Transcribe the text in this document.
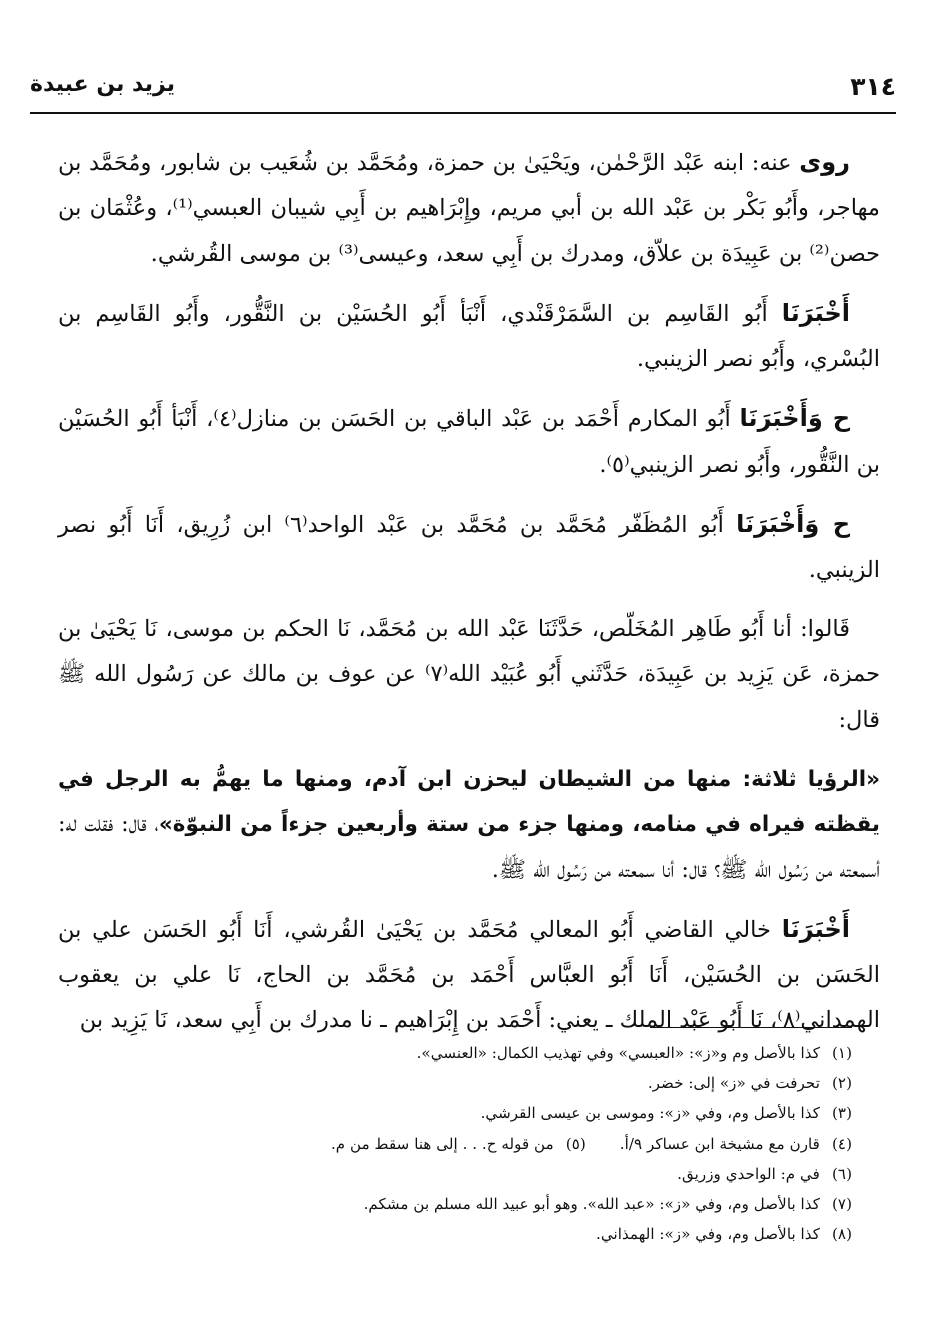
٣١٤
يزيد بن عبيدة

روى عنه: ابنه عَبْد الرَّحْمٰن، ويَحْيَىٰ بن حمزة، ومُحَمَّد بن شُعَيب بن شابور، ومُحَمَّد بن مهاجر، وأَبُو بَكْر بن عَبْد الله بن أبي مريم، وإِبْرَاهيم بن أَبِي شيبان العبسي⁽¹⁾، وعُثْمَان بن حصن⁽²⁾ بن عَبِيدَة بن علاّق، ومدرك بن أَبِي سعد، وعيسى⁽³⁾ بن موسى القُرشي.

أَخْبَرَنَا أَبُو القَاسِم بن السَّمَرْقَنْدي، أَنْبَأ أَبُو الحُسَيْن بن النَّقُّور، وأَبُو القَاسِم بن البُسْري، وأَبُو نصر الزينبي.

ح وَأَخْبَرَنَا أَبُو المكارم أَحْمَد بن عَبْد الباقي بن الحَسَن بن منازل⁽٤⁾، أَنْبَأ أَبُو الحُسَيْن بن النَّقُّور، وأَبُو نصر الزينبي⁽٥⁾.

ح وَأَخْبَرَنَا أَبُو المُظَفّر مُحَمَّد بن مُحَمَّد بن عَبْد الواحد⁽٦⁾ ابن زُرِيق، أَنَا أَبُو نصر الزينبي.

قَالوا: أنا أَبُو طَاهِر المُخَلّص، حَدَّثَنَا عَبْد الله بن مُحَمَّد، نَا الحكم بن موسى، نَا يَحْيَىٰ بن حمزة، عَن يَزِيد بن عَبِيدَة، حَدَّثَني أَبُو عُبَيْد الله⁽٧⁾ عن عوف بن مالك عن رَسُول الله ﷺ قال:

«الرؤيا ثلاثة: منها من الشيطان ليحزن ابن آدم، ومنها ما يهمُّ به الرجل في يقظته فيراه في منامه، ومنها جزء من ستة وأربعين جزءاً من النبوّة»، قال: فقلت له: أسمعته من رَسُول الله ﷺ؟ قال: أنا سمعته من رَسُول الله ﷺ.

أَخْبَرَنَا خالي القاضي أَبُو المعالي مُحَمَّد بن يَحْيَىٰ القُرشي، أَنَا أَبُو الحَسَن علي بن الحَسَن بن الحُسَيْن، أَنَا أَبُو العبَّاس أَحْمَد بن مُحَمَّد بن الحاج، نَا علي بن يعقوب الهمداني⁽٨⁾، نَا أَبُو عَبْد الملك ـ يعني: أَحْمَد بن إِبْرَاهيم ـ نا مدرك بن أَبِي سعد، نَا يَزِيد بن

(١)كذا بالأصل وم و«ز»: «العبسي» وفي تهذيب الكمال: «العنسي».
(٢)تحرفت في «ز» إلى: خضر.
(٣)كذا بالأصل وم، وفي «ز»: وموسى بن عيسى القرشي.
(٤)قارن مع مشيخة ابن عساكر ٩/أ.(٥)من قوله ح. . . إلى هنا سقط من م.
(٦)في م: الواحدي وزريق.
(٧)كذا بالأصل وم، وفي «ز»: «عبد الله». وهو أبو عبيد الله مسلم بن مشكم.
(٨)كذا بالأصل وم، وفي «ز»: الهمذاني.
